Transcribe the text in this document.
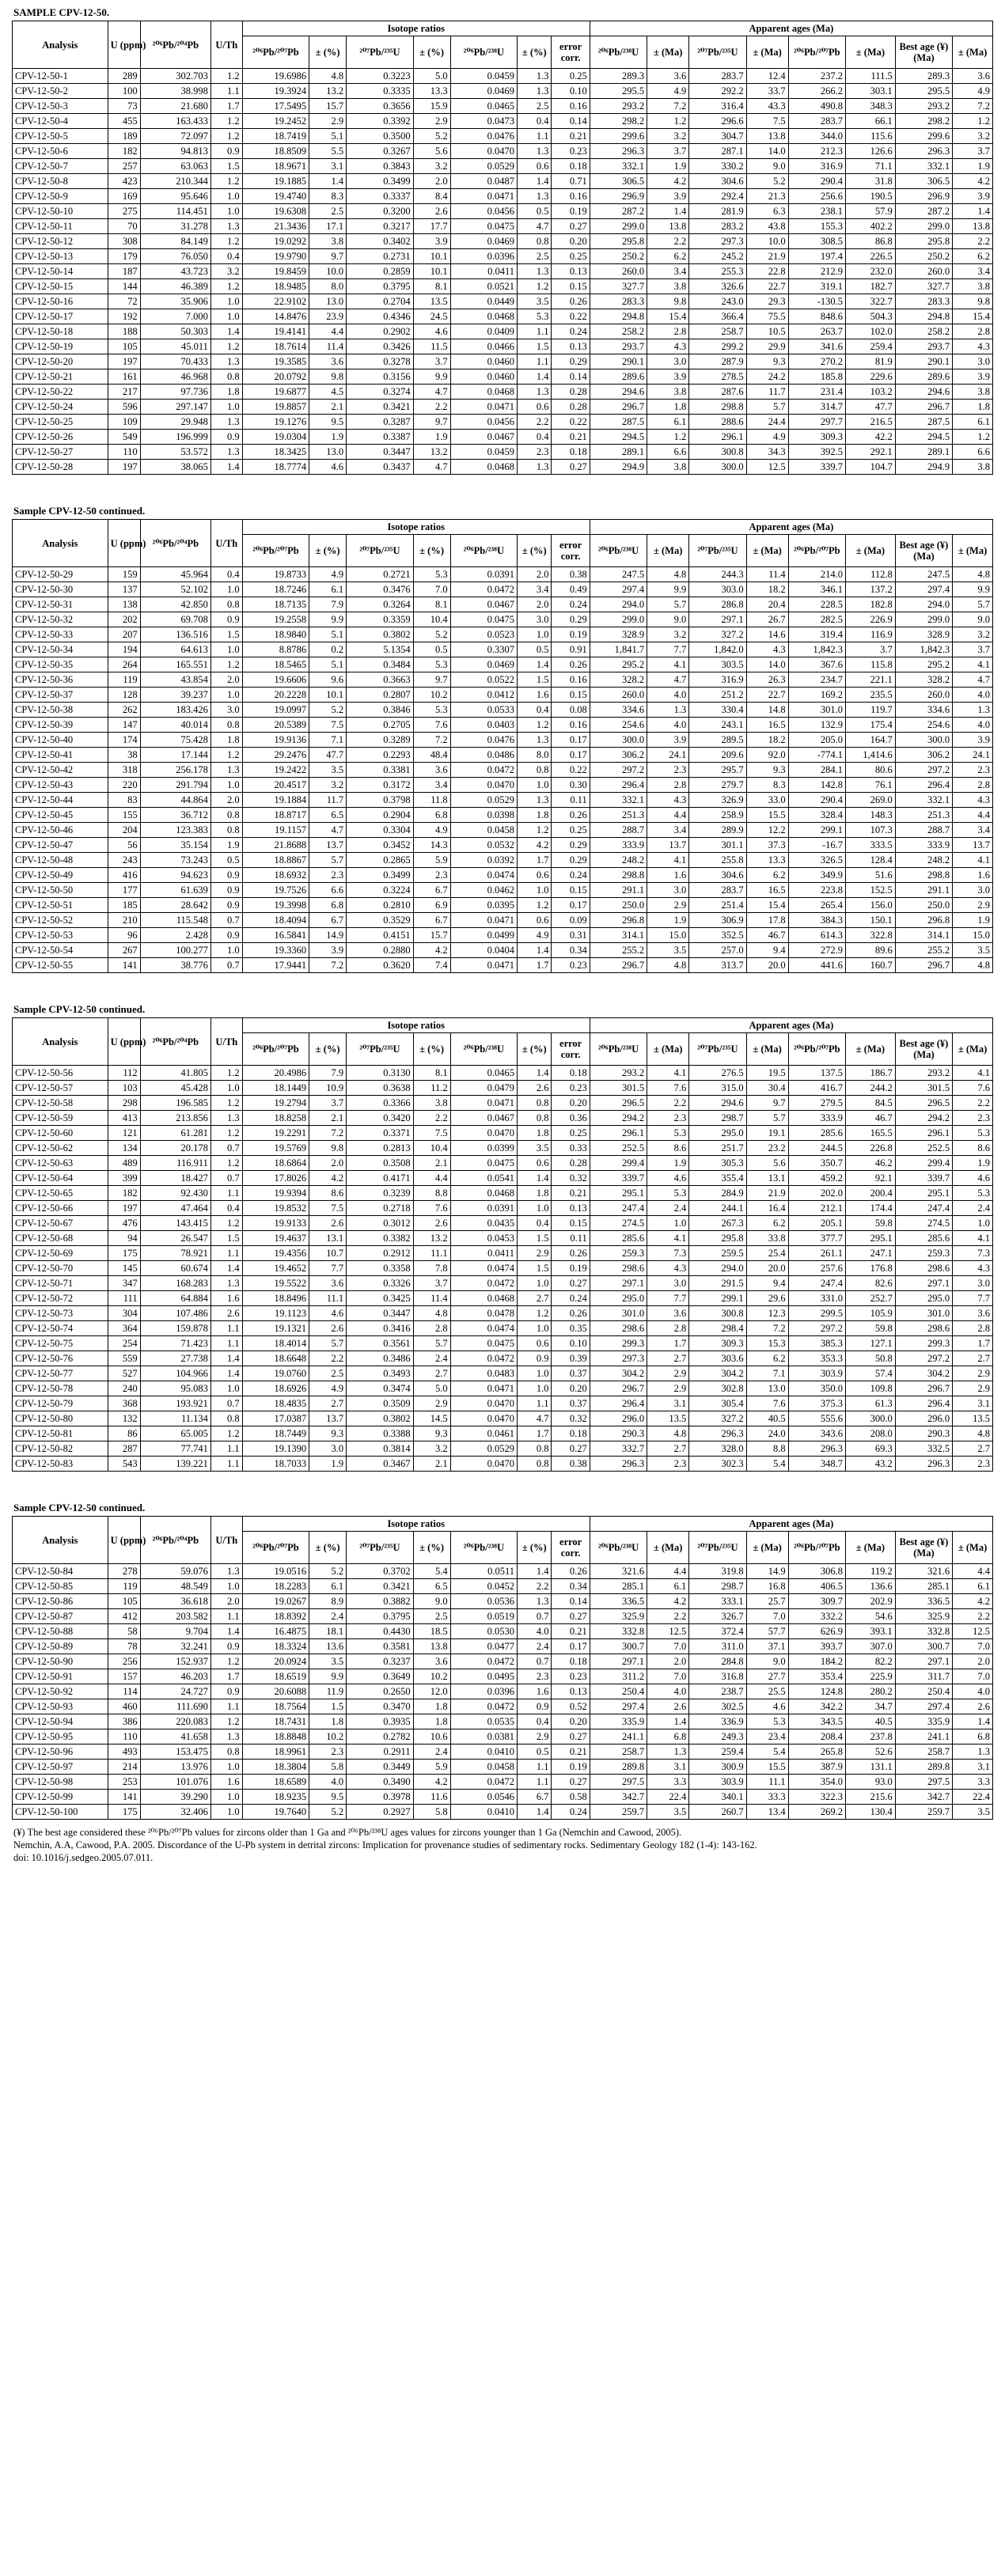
SAMPLE CPV-12-50.
Analysis	U (ppm)	²⁰⁶Pb/²⁰⁴Pb	U/Th	Isotope ratios							Apparent ages (Ma)							
				²⁰⁶Pb/²⁰⁷Pb	± (%)	²⁰⁷Pb/²³⁵U	± (%)	²⁰⁶Pb/²³⁸U	± (%)	error corr.	²⁰⁶Pb/²³⁸U	± (Ma)	²⁰⁷Pb/²³⁵U	± (Ma)	²⁰⁶Pb/²⁰⁷Pb	± (Ma)	Best age (¥) (Ma)	± (Ma)
CPV-12-50-1	289	302.703	1.2	19.6986	4.8	0.3223	5.0	0.0459	1.3	0.25	289.3	3.6	283.7	12.4	237.2	111.5	289.3	3.6
CPV-12-50-2	100	38.998	1.1	19.3924	13.2	0.3335	13.3	0.0469	1.3	0.10	295.5	4.9	292.2	33.7	266.2	303.1	295.5	4.9
CPV-12-50-3	73	21.680	1.7	17.5495	15.7	0.3656	15.9	0.0465	2.5	0.16	293.2	7.2	316.4	43.3	490.8	348.3	293.2	7.2
CPV-12-50-4	455	163.433	1.2	19.2452	2.9	0.3392	2.9	0.0473	0.4	0.14	298.2	1.2	296.6	7.5	283.7	66.1	298.2	1.2
CPV-12-50-5	189	72.097	1.2	18.7419	5.1	0.3500	5.2	0.0476	1.1	0.21	299.6	3.2	304.7	13.8	344.0	115.6	299.6	3.2
CPV-12-50-6	182	94.813	0.9	18.8509	5.5	0.3267	5.6	0.0470	1.3	0.23	296.3	3.7	287.1	14.0	212.3	126.6	296.3	3.7
CPV-12-50-7	257	63.063	1.5	18.9671	3.1	0.3843	3.2	0.0529	0.6	0.18	332.1	1.9	330.2	9.0	316.9	71.1	332.1	1.9
CPV-12-50-8	423	210.344	1.2	19.1885	1.4	0.3499	2.0	0.0487	1.4	0.71	306.5	4.2	304.6	5.2	290.4	31.8	306.5	4.2
CPV-12-50-9	169	95.646	1.0	19.4740	8.3	0.3337	8.4	0.0471	1.3	0.16	296.9	3.9	292.4	21.3	256.6	190.5	296.9	3.9
CPV-12-50-10	275	114.451	1.0	19.6308	2.5	0.3200	2.6	0.0456	0.5	0.19	287.2	1.4	281.9	6.3	238.1	57.9	287.2	1.4
CPV-12-50-11	70	31.278	1.3	21.3436	17.1	0.3217	17.7	0.0475	4.7	0.27	299.0	13.8	283.2	43.8	155.3	402.2	299.0	13.8
CPV-12-50-12	308	84.149	1.2	19.0292	3.8	0.3402	3.9	0.0469	0.8	0.20	295.8	2.2	297.3	10.0	308.5	86.8	295.8	2.2
CPV-12-50-13	179	76.050	0.4	19.9790	9.7	0.2731	10.1	0.0396	2.5	0.25	250.2	6.2	245.2	21.9	197.4	226.5	250.2	6.2
CPV-12-50-14	187	43.723	3.2	19.8459	10.0	0.2859	10.1	0.0411	1.3	0.13	260.0	3.4	255.3	22.8	212.9	232.0	260.0	3.4
CPV-12-50-15	144	46.389	1.2	18.9485	8.0	0.3795	8.1	0.0521	1.2	0.15	327.7	3.8	326.6	22.7	319.1	182.7	327.7	3.8
CPV-12-50-16	72	35.906	1.0	22.9102	13.0	0.2704	13.5	0.0449	3.5	0.26	283.3	9.8	243.0	29.3	-130.5	322.7	283.3	9.8
CPV-12-50-17	192	7.000	1.0	14.8476	23.9	0.4346	24.5	0.0468	5.3	0.22	294.8	15.4	366.4	75.5	848.6	504.3	294.8	15.4
CPV-12-50-18	188	50.303	1.4	19.4141	4.4	0.2902	4.6	0.0409	1.1	0.24	258.2	2.8	258.7	10.5	263.7	102.0	258.2	2.8
CPV-12-50-19	105	45.011	1.2	18.7614	11.4	0.3426	11.5	0.0466	1.5	0.13	293.7	4.3	299.2	29.9	341.6	259.4	293.7	4.3
CPV-12-50-20	197	70.433	1.3	19.3585	3.6	0.3278	3.7	0.0460	1.1	0.29	290.1	3.0	287.9	9.3	270.2	81.9	290.1	3.0
CPV-12-50-21	161	46.968	0.8	20.0792	9.8	0.3156	9.9	0.0460	1.4	0.14	289.6	3.9	278.5	24.2	185.8	229.6	289.6	3.9
CPV-12-50-22	217	97.736	1.8	19.6877	4.5	0.3274	4.7	0.0468	1.3	0.28	294.6	3.8	287.6	11.7	231.4	103.2	294.6	3.8
CPV-12-50-24	596	297.147	1.0	19.8857	2.1	0.3421	2.2	0.0471	0.6	0.28	296.7	1.8	298.8	5.7	314.7	47.7	296.7	1.8
CPV-12-50-25	109	29.948	1.3	19.1276	9.5	0.3287	9.7	0.0456	2.2	0.22	287.5	6.1	288.6	24.4	297.7	216.5	287.5	6.1
CPV-12-50-26	549	196.999	0.9	19.0304	1.9	0.3387	1.9	0.0467	0.4	0.21	294.5	1.2	296.1	4.9	309.3	42.2	294.5	1.2
CPV-12-50-27	110	53.572	1.3	18.3425	13.0	0.3447	13.2	0.0459	2.3	0.18	289.1	6.6	300.8	34.3	392.5	292.1	289.1	6.6
CPV-12-50-28	197	38.065	1.4	18.7774	4.6	0.3437	4.7	0.0468	1.3	0.27	294.9	3.8	300.0	12.5	339.7	104.7	294.9	3.8
Sample CPV-12-50 continued.
Analysis	U (ppm)	²⁰⁶Pb/²⁰⁴Pb	U/Th	Isotope ratios							Apparent ages (Ma)							
				²⁰⁶Pb/²⁰⁷Pb	± (%)	²⁰⁷Pb/²³⁵U	± (%)	²⁰⁶Pb/²³⁸U	± (%)	error corr.	²⁰⁶Pb/²³⁸U	± (Ma)	²⁰⁷Pb/²³⁵U	± (Ma)	²⁰⁶Pb/²⁰⁷Pb	± (Ma)	Best age (¥) (Ma)	± (Ma)
CPV-12-50-29	159	45.964	0.4	19.8733	4.9	0.2721	5.3	0.0391	2.0	0.38	247.5	4.8	244.3	11.4	214.0	112.8	247.5	4.8
CPV-12-50-30	137	52.102	1.0	18.7246	6.1	0.3476	7.0	0.0472	3.4	0.49	297.4	9.9	303.0	18.2	346.1	137.2	297.4	9.9
CPV-12-50-31	138	42.850	0.8	18.7135	7.9	0.3264	8.1	0.0467	2.0	0.24	294.0	5.7	286.8	20.4	228.5	182.8	294.0	5.7
CPV-12-50-32	202	69.708	0.9	19.2558	9.9	0.3359	10.4	0.0475	3.0	0.29	299.0	9.0	297.1	26.7	282.5	226.9	299.0	9.0
CPV-12-50-33	207	136.516	1.5	18.9840	5.1	0.3802	5.2	0.0523	1.0	0.19	328.9	3.2	327.2	14.6	319.4	116.9	328.9	3.2
CPV-12-50-34	194	64.613	1.0	8.8786	0.2	5.1354	0.5	0.3307	0.5	0.91	1,841.7	7.7	1,842.0	4.3	1,842.3	3.7	1,842.3	3.7
CPV-12-50-35	264	165.551	1.2	18.5465	5.1	0.3484	5.3	0.0469	1.4	0.26	295.2	4.1	303.5	14.0	367.6	115.8	295.2	4.1
CPV-12-50-36	119	43.854	2.0	19.6606	9.6	0.3663	9.7	0.0522	1.5	0.16	328.2	4.7	316.9	26.3	234.7	221.1	328.2	4.7
CPV-12-50-37	128	39.237	1.0	20.2228	10.1	0.2807	10.2	0.0412	1.6	0.15	260.0	4.0	251.2	22.7	169.2	235.5	260.0	4.0
CPV-12-50-38	262	183.426	3.0	19.0997	5.2	0.3846	5.3	0.0533	0.4	0.08	334.6	1.3	330.4	14.8	301.0	119.7	334.6	1.3
CPV-12-50-39	147	40.014	0.8	20.5389	7.5	0.2705	7.6	0.0403	1.2	0.16	254.6	4.0	243.1	16.5	132.9	175.4	254.6	4.0
CPV-12-50-40	174	75.428	1.8	19.9136	7.1	0.3289	7.2	0.0476	1.3	0.17	300.0	3.9	289.5	18.2	205.0	164.7	300.0	3.9
CPV-12-50-41	38	17.144	1.2	29.2476	47.7	0.2293	48.4	0.0486	8.0	0.17	306.2	24.1	209.6	92.0	-774.1	1,414.6	306.2	24.1
CPV-12-50-42	318	256.178	1.3	19.2422	3.5	0.3381	3.6	0.0472	0.8	0.22	297.2	2.3	295.7	9.3	284.1	80.6	297.2	2.3
CPV-12-50-43	220	291.794	1.0	20.4517	3.2	0.3172	3.4	0.0470	1.0	0.30	296.4	2.8	279.7	8.3	142.8	76.1	296.4	2.8
CPV-12-50-44	83	44.864	2.0	19.1884	11.7	0.3798	11.8	0.0529	1.3	0.11	332.1	4.3	326.9	33.0	290.4	269.0	332.1	4.3
CPV-12-50-45	155	36.712	0.8	18.8717	6.5	0.2904	6.8	0.0398	1.8	0.26	251.3	4.4	258.9	15.5	328.4	148.3	251.3	4.4
CPV-12-50-46	204	123.383	0.8	19.1157	4.7	0.3304	4.9	0.0458	1.2	0.25	288.7	3.4	289.9	12.2	299.1	107.3	288.7	3.4
CPV-12-50-47	56	35.154	1.9	21.8688	13.7	0.3452	14.3	0.0532	4.2	0.29	333.9	13.7	301.1	37.3	-16.7	333.5	333.9	13.7
CPV-12-50-48	243	73.243	0.5	18.8867	5.7	0.2865	5.9	0.0392	1.7	0.29	248.2	4.1	255.8	13.3	326.5	128.4	248.2	4.1
CPV-12-50-49	416	94.623	0.9	18.6932	2.3	0.3499	2.3	0.0474	0.6	0.24	298.8	1.6	304.6	6.2	349.9	51.6	298.8	1.6
CPV-12-50-50	177	61.639	0.9	19.7526	6.6	0.3224	6.7	0.0462	1.0	0.15	291.1	3.0	283.7	16.5	223.8	152.5	291.1	3.0
CPV-12-50-51	185	28.642	0.9	19.3998	6.8	0.2810	6.9	0.0395	1.2	0.17	250.0	2.9	251.4	15.4	265.4	156.0	250.0	2.9
CPV-12-50-52	210	115.548	0.7	18.4094	6.7	0.3529	6.7	0.0471	0.6	0.09	296.8	1.9	306.9	17.8	384.3	150.1	296.8	1.9
CPV-12-50-53	96	2.428	0.9	16.5841	14.9	0.4151	15.7	0.0499	4.9	0.31	314.1	15.0	352.5	46.7	614.3	322.8	314.1	15.0
CPV-12-50-54	267	100.277	1.0	19.3360	3.9	0.2880	4.2	0.0404	1.4	0.34	255.2	3.5	257.0	9.4	272.9	89.6	255.2	3.5
CPV-12-50-55	141	38.776	0.7	17.9441	7.2	0.3620	7.4	0.0471	1.7	0.23	296.7	4.8	313.7	20.0	441.6	160.7	296.7	4.8
Sample CPV-12-50 continued.
Analysis	U (ppm)	²⁰⁶Pb/²⁰⁴Pb	U/Th	Isotope ratios							Apparent ages (Ma)							
				²⁰⁶Pb/²⁰⁷Pb	± (%)	²⁰⁷Pb/²³⁵U	± (%)	²⁰⁶Pb/²³⁸U	± (%)	error corr.	²⁰⁶Pb/²³⁸U	± (Ma)	²⁰⁷Pb/²³⁵U	± (Ma)	²⁰⁶Pb/²⁰⁷Pb	± (Ma)	Best age (¥) (Ma)	± (Ma)
CPV-12-50-56	112	41.805	1.2	20.4986	7.9	0.3130	8.1	0.0465	1.4	0.18	293.2	4.1	276.5	19.5	137.5	186.7	293.2	4.1
CPV-12-50-57	103	45.428	1.0	18.1449	10.9	0.3638	11.2	0.0479	2.6	0.23	301.5	7.6	315.0	30.4	416.7	244.2	301.5	7.6
CPV-12-50-58	298	196.585	1.2	19.2794	3.7	0.3366	3.8	0.0471	0.8	0.20	296.5	2.2	294.6	9.7	279.5	84.5	296.5	2.2
CPV-12-50-59	413	213.856	1.3	18.8258	2.1	0.3420	2.2	0.0467	0.8	0.36	294.2	2.3	298.7	5.7	333.9	46.7	294.2	2.3
CPV-12-50-60	121	61.281	1.2	19.2291	7.2	0.3371	7.5	0.0470	1.8	0.25	296.1	5.3	295.0	19.1	285.6	165.5	296.1	5.3
CPV-12-50-62	134	20.178	0.7	19.5769	9.8	0.2813	10.4	0.0399	3.5	0.33	252.5	8.6	251.7	23.2	244.5	226.8	252.5	8.6
CPV-12-50-63	489	116.911	1.2	18.6864	2.0	0.3508	2.1	0.0475	0.6	0.28	299.4	1.9	305.3	5.6	350.7	46.2	299.4	1.9
CPV-12-50-64	399	18.427	0.7	17.8026	4.2	0.4171	4.4	0.0541	1.4	0.32	339.7	4.6	355.4	13.1	459.2	92.1	339.7	4.6
CPV-12-50-65	182	92.430	1.1	19.9394	8.6	0.3239	8.8	0.0468	1.8	0.21	295.1	5.3	284.9	21.9	202.0	200.4	295.1	5.3
CPV-12-50-66	197	47.464	0.4	19.8532	7.5	0.2718	7.6	0.0391	1.0	0.13	247.4	2.4	244.1	16.4	212.1	174.4	247.4	2.4
CPV-12-50-67	476	143.415	1.2	19.9133	2.6	0.3012	2.6	0.0435	0.4	0.15	274.5	1.0	267.3	6.2	205.1	59.8	274.5	1.0
CPV-12-50-68	94	26.547	1.5	19.4637	13.1	0.3382	13.2	0.0453	1.5	0.11	285.6	4.1	295.8	33.8	377.7	295.1	285.6	4.1
CPV-12-50-69	175	78.921	1.1	19.4356	10.7	0.2912	11.1	0.0411	2.9	0.26	259.3	7.3	259.5	25.4	261.1	247.1	259.3	7.3
CPV-12-50-70	145	60.674	1.4	19.4652	7.7	0.3358	7.8	0.0474	1.5	0.19	298.6	4.3	294.0	20.0	257.6	176.8	298.6	4.3
CPV-12-50-71	347	168.283	1.3	19.5522	3.6	0.3326	3.7	0.0472	1.0	0.27	297.1	3.0	291.5	9.4	247.4	82.6	297.1	3.0
CPV-12-50-72	111	64.884	1.6	18.8496	11.1	0.3425	11.4	0.0468	2.7	0.24	295.0	7.7	299.1	29.6	331.0	252.7	295.0	7.7
CPV-12-50-73	304	107.486	2.6	19.1123	4.6	0.3447	4.8	0.0478	1.2	0.26	301.0	3.6	300.8	12.3	299.5	105.9	301.0	3.6
CPV-12-50-74	364	159.878	1.1	19.1321	2.6	0.3416	2.8	0.0474	1.0	0.35	298.6	2.8	298.4	7.2	297.2	59.8	298.6	2.8
CPV-12-50-75	254	71.423	1.1	18.4014	5.7	0.3561	5.7	0.0475	0.6	0.10	299.3	1.7	309.3	15.3	385.3	127.1	299.3	1.7
CPV-12-50-76	559	27.738	1.4	18.6648	2.2	0.3486	2.4	0.0472	0.9	0.39	297.3	2.7	303.6	6.2	353.3	50.8	297.2	2.7
CPV-12-50-77	527	104.966	1.4	19.0760	2.5	0.3493	2.7	0.0483	1.0	0.37	304.2	2.9	304.2	7.1	303.9	57.4	304.2	2.9
CPV-12-50-78	240	95.083	1.0	18.6926	4.9	0.3474	5.0	0.0471	1.0	0.20	296.7	2.9	302.8	13.0	350.0	109.8	296.7	2.9
CPV-12-50-79	368	193.921	0.7	18.4835	2.7	0.3509	2.9	0.0470	1.1	0.37	296.4	3.1	305.4	7.6	375.3	61.3	296.4	3.1
CPV-12-50-80	132	11.134	0.8	17.0387	13.7	0.3802	14.5	0.0470	4.7	0.32	296.0	13.5	327.2	40.5	555.6	300.0	296.0	13.5
CPV-12-50-81	86	65.005	1.2	18.7449	9.3	0.3388	9.3	0.0461	1.7	0.18	290.3	4.8	296.3	24.0	343.6	208.0	290.3	4.8
CPV-12-50-82	287	77.741	1.1	19.1390	3.0	0.3814	3.2	0.0529	0.8	0.27	332.7	2.7	328.0	8.8	296.3	69.3	332.5	2.7
CPV-12-50-83	543	139.221	1.1	18.7033	1.9	0.3467	2.1	0.0470	0.8	0.38	296.3	2.3	302.3	5.4	348.7	43.2	296.3	2.3
Sample CPV-12-50 continued.
Analysis	U (ppm)	²⁰⁶Pb/²⁰⁴Pb	U/Th	Isotope ratios							Apparent ages (Ma)							
				²⁰⁶Pb/²⁰⁷Pb	± (%)	²⁰⁷Pb/²³⁵U	± (%)	²⁰⁶Pb/²³⁸U	± (%)	error corr.	²⁰⁶Pb/²³⁸U	± (Ma)	²⁰⁷Pb/²³⁵U	± (Ma)	²⁰⁶Pb/²⁰⁷Pb	± (Ma)	Best age (¥) (Ma)	± (Ma)
CPV-12-50-84	278	59.076	1.3	19.0516	5.2	0.3702	5.4	0.0511	1.4	0.26	321.6	4.4	319.8	14.9	306.8	119.2	321.6	4.4
CPV-12-50-85	119	48.549	1.0	18.2283	6.1	0.3421	6.5	0.0452	2.2	0.34	285.1	6.1	298.7	16.8	406.5	136.6	285.1	6.1
CPV-12-50-86	105	36.618	2.0	19.0267	8.9	0.3882	9.0	0.0536	1.3	0.14	336.5	4.2	333.1	25.7	309.7	202.9	336.5	4.2
CPV-12-50-87	412	203.582	1.1	18.8392	2.4	0.3795	2.5	0.0519	0.7	0.27	325.9	2.2	326.7	7.0	332.2	54.6	325.9	2.2
CPV-12-50-88	58	9.704	1.4	16.4875	18.1	0.4430	18.5	0.0530	4.0	0.21	332.8	12.5	372.4	57.7	626.9	393.1	332.8	12.5
CPV-12-50-89	78	32.241	0.9	18.3324	13.6	0.3581	13.8	0.0477	2.4	0.17	300.7	7.0	311.0	37.1	393.7	307.0	300.7	7.0
CPV-12-50-90	256	152.937	1.2	20.0924	3.5	0.3237	3.6	0.0472	0.7	0.18	297.1	2.0	284.8	9.0	184.2	82.2	297.1	2.0
CPV-12-50-91	157	46.203	1.7	18.6519	9.9	0.3649	10.2	0.0495	2.3	0.23	311.2	7.0	316.8	27.7	353.4	225.9	311.7	7.0
CPV-12-50-92	114	24.727	0.9	20.6088	11.9	0.2650	12.0	0.0396	1.6	0.13	250.4	4.0	238.7	25.5	124.8	280.2	250.4	4.0
CPV-12-50-93	460	111.690	1.1	18.7564	1.5	0.3470	1.8	0.0472	0.9	0.52	297.4	2.6	302.5	4.6	342.2	34.7	297.4	2.6
CPV-12-50-94	386	220.083	1.2	18.7431	1.8	0.3935	1.8	0.0535	0.4	0.20	335.9	1.4	336.9	5.3	343.5	40.5	335.9	1.4
CPV-12-50-95	110	41.658	1.3	18.8848	10.2	0.2782	10.6	0.0381	2.9	0.27	241.1	6.8	249.3	23.4	208.4	237.8	241.1	6.8
CPV-12-50-96	493	153.475	0.8	18.9961	2.3	0.2911	2.4	0.0410	0.5	0.21	258.7	1.3	259.4	5.4	265.8	52.6	258.7	1.3
CPV-12-50-97	214	13.976	1.0	18.3804	5.8	0.3449	5.9	0.0458	1.1	0.19	289.8	3.1	300.9	15.5	387.9	131.1	289.8	3.1
CPV-12-50-98	253	101.076	1.6	18.6589	4.0	0.3490	4.2	0.0472	1.1	0.27	297.5	3.3	303.9	11.1	354.0	93.0	297.5	3.3
CPV-12-50-99	141	39.290	1.0	18.9235	9.5	0.3978	11.6	0.0546	6.7	0.58	342.7	22.4	340.1	33.3	322.3	215.6	342.7	22.4
CPV-12-50-100	175	32.406	1.0	19.7640	5.2	0.2927	5.8	0.0410	1.4	0.24	259.7	3.5	260.7	13.4	269.2	130.4	259.7	3.5
(¥) The best age considered these ²⁰⁶Pb/²⁰⁷Pb values for zircons older than 1 Ga and ²⁰⁶Pb/²³⁸U ages values for zircons younger than 1 Ga (Nemchin and Cawood, 2005).
Nemchin, A.A, Cawood, P.A. 2005. Discordance of the U-Pb system in detrital zircons: Implication for provenance studies of sedimentary rocks. Sedimentary Geology 182 (1-4): 143-162.
doi: 10.1016/j.sedgeo.2005.07.011.
